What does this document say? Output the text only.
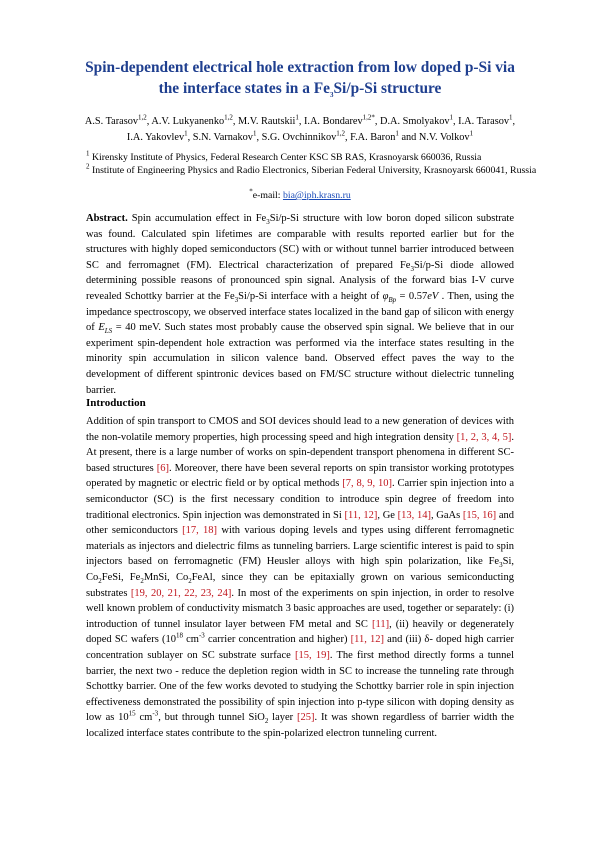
Spin-dependent electrical hole extraction from low doped p-Si via
the interface states in a $Fe_3Si/p-Si$ structure
A.S. Tarasov$^{1,2}$, A.V. Lukyanenko$^{1,2}$, M.V. Rautskii$^1$, I.A. Bondarev$^{1,2*}$, D.A. Smolyakov$^1$, I.A. Tarasov$^1$,
I.A. Yakovlev$^1$, S.N. Varnakov$^1$, S.G. Ovchinnikov$^{1,2}$, F.A. Baron$^1$ and N.V. Volkov$^1$
$^1$ Kirensky Institute of Physics, Federal Research Center KSC SB RAS, Krasnoyarsk 660036, Russia
$^2$ Institute of Engineering Physics and Radio Electronics, Siberian Federal University, Krasnoyarsk 660041, Russia
*e-mail: bia@iph.krasn.ru
Abstract. Spin accumulation effect in $Fe_3Si/p-Si$ structure with low boron doped silicon substrate was found. Calculated spin lifetimes are comparable with results reported earlier but for the structures with highly doped semiconductors (SC) with or without tunnel barrier introduced between SC and ferromagnet (FM). Electrical characterization of prepared $Fe_3Si/p-Si$ diode allowed determining possible reasons of pronounced spin signal. Analysis of the forward bias I-V curve revealed Schottky barrier at the $Fe_3Si/p-Si$ interface with a height of $\varphi_{Bp} = 0.57eV$ . Then, using the impedance spectroscopy, we observed interface states localized in the band gap of silicon with energy of $E_{LS} = 40$ meV. Such states most probably cause the observed spin signal. We believe that in our experiment spin-dependent hole extraction was performed via the interface states resulting in the minority spin accumulation in silicon valence band. Observed effect paves the way to the development of different spintronic devices based on FM/SC structure without dielectric tunneling barrier.
Introduction
Addition of spin transport to CMOS and SOI devices should lead to a new generation of devices with the non-volatile memory properties, high processing speed and high integration density [1, 2, 3, 4, 5]. At present, there is a large number of works on spin-dependent transport phenomena in different SC-based structures [6]. Moreover, there have been several reports on spin transistor working prototypes operated by magnetic or electric field or by optical methods [7, 8, 9, 10]. Carrier spin injection into a semiconductor (SC) is the first necessary condition to introduce spin degree of freedom into traditional electronics. Spin injection was demonstrated in Si [11, 12], Ge [13, 14], GaAs [15, 16] and other semiconductors [17, 18] with various doping levels and types using different ferromagnetic materials as injectors and dielectric films as tunneling barriers. Large scientific interest is paid to spin injectors based on ferromagnetic (FM) Heusler alloys with high spin polarization, like $Fe_3Si$, $Co_2FeSi$, $Fe_2MnSi$, $Co_2FeAl$, since they can be epitaxially grown on various semiconducting substrates [19, 20, 21, 22, 23, 24]. In most of the experiments on spin injection, in order to resolve well known problem of conductivity mismatch 3 basic approaches are used, together or separately: (i) introduction of tunnel insulator layer between FM metal and SC [11], (ii) heavily or degenerately doped SC wafers ($10^{18}$ $cm^{-3}$ carrier concentration and higher) [11, 12] and (iii) δ- doped high carrier concentration sublayer on SC substrate surface [15, 19]. The first method directly forms a tunnel barrier, the next two - reduce the depletion region width in SC to increase the tunneling rate through Schottky barrier. One of the few works devoted to studying the Schottky barrier role in spin injection effectiveness demonstrated the possibility of spin injection into p-type silicon with doping density as low as $10^{15}$ $cm^{-3}$, but through tunnel SiO$_2$ layer [25]. It was shown regardless of barrier width the localized interface states contribute to the spin-polarized electron tunneling current.
